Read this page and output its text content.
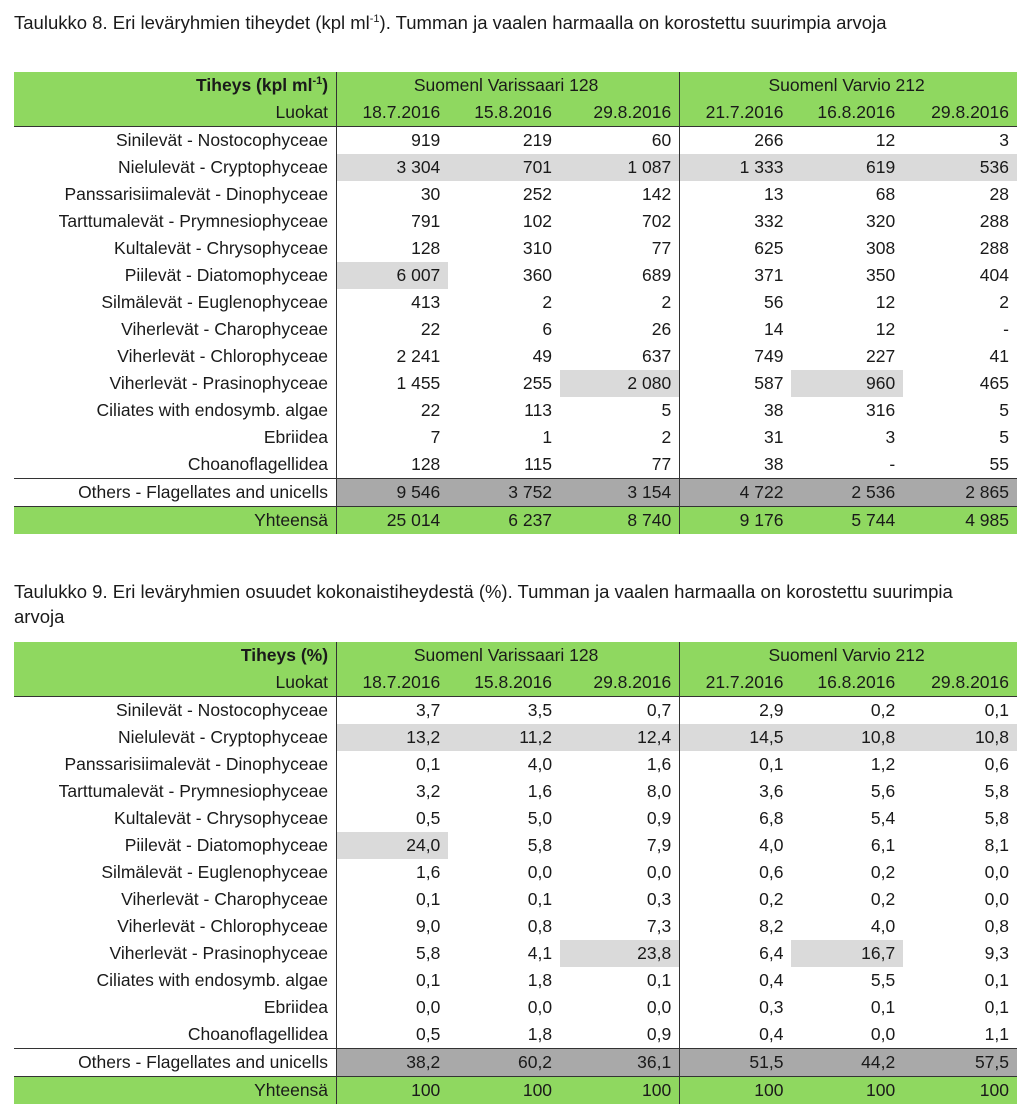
Taulukko 8. Eri leväryhmien tiheydet (kpl $ml^{-1}$). Tumman ja vaalen harmaalla on korostettu suurimpia arvoja
Tiheys (kpl $ml^{-1}$)	Suomenl Varissaari 128			Suomenl Varvio 212		
Luokat	18.7.2016	15.8.2016	29.8.2016	21.7.2016	16.8.2016	29.8.2016
Sinilevät - Nostocophyceae	919	219	60	266	12	3
Nielulevät - Cryptophyceae	3 304	701	1 087	1 333	619	536
Panssarisiimalevät - Dinophyceae	30	252	142	13	68	28
Tarttumalevät - Prymnesiophyceae	791	102	702	332	320	288
Kultalevät - Chrysophyceae	128	310	77	625	308	288
Piilevät - Diatomophyceae	6 007	360	689	371	350	404
Silmälevät - Euglenophyceae	413	2	2	56	12	2
Viherlevät - Charophyceae	22	6	26	14	12	-
Viherlevät - Chlorophyceae	2 241	49	637	749	227	41
Viherlevät - Prasinophyceae	1 455	255	2 080	587	960	465
Ciliates with endosymb. algae	22	113	5	38	316	5
Ebriidea	7	1	2	31	3	5
Choanoflagellidea	128	115	77	38	-	55
Others - Flagellates and unicells	9 546	3 752	3 154	4 722	2 536	2 865
Yhteensä	25 014	6 237	8 740	9 176	5 744	4 985
Taulukko 9. Eri leväryhmien osuudet kokonaistiheydestä (%). Tumman ja vaalen harmaalla on korostettu suurimpia arvoja
Tiheys (%)	Suomenl Varissaari 128			Suomenl Varvio 212		
Luokat	18.7.2016	15.8.2016	29.8.2016	21.7.2016	16.8.2016	29.8.2016
Sinilevät - Nostocophyceae	3,7	3,5	0,7	2,9	0,2	0,1
Nielulevät - Cryptophyceae	13,2	11,2	12,4	14,5	10,8	10,8
Panssarisiimalevät - Dinophyceae	0,1	4,0	1,6	0,1	1,2	0,6
Tarttumalevät - Prymnesiophyceae	3,2	1,6	8,0	3,6	5,6	5,8
Kultalevät - Chrysophyceae	0,5	5,0	0,9	6,8	5,4	5,8
Piilevät - Diatomophyceae	24,0	5,8	7,9	4,0	6,1	8,1
Silmälevät - Euglenophyceae	1,6	0,0	0,0	0,6	0,2	0,0
Viherlevät - Charophyceae	0,1	0,1	0,3	0,2	0,2	0,0
Viherlevät - Chlorophyceae	9,0	0,8	7,3	8,2	4,0	0,8
Viherlevät - Prasinophyceae	5,8	4,1	23,8	6,4	16,7	9,3
Ciliates with endosymb. algae	0,1	1,8	0,1	0,4	5,5	0,1
Ebriidea	0,0	0,0	0,0	0,3	0,1	0,1
Choanoflagellidea	0,5	1,8	0,9	0,4	0,0	1,1
Others - Flagellates and unicells	38,2	60,2	36,1	51,5	44,2	57,5
Yhteensä	100	100	100	100	100	100
